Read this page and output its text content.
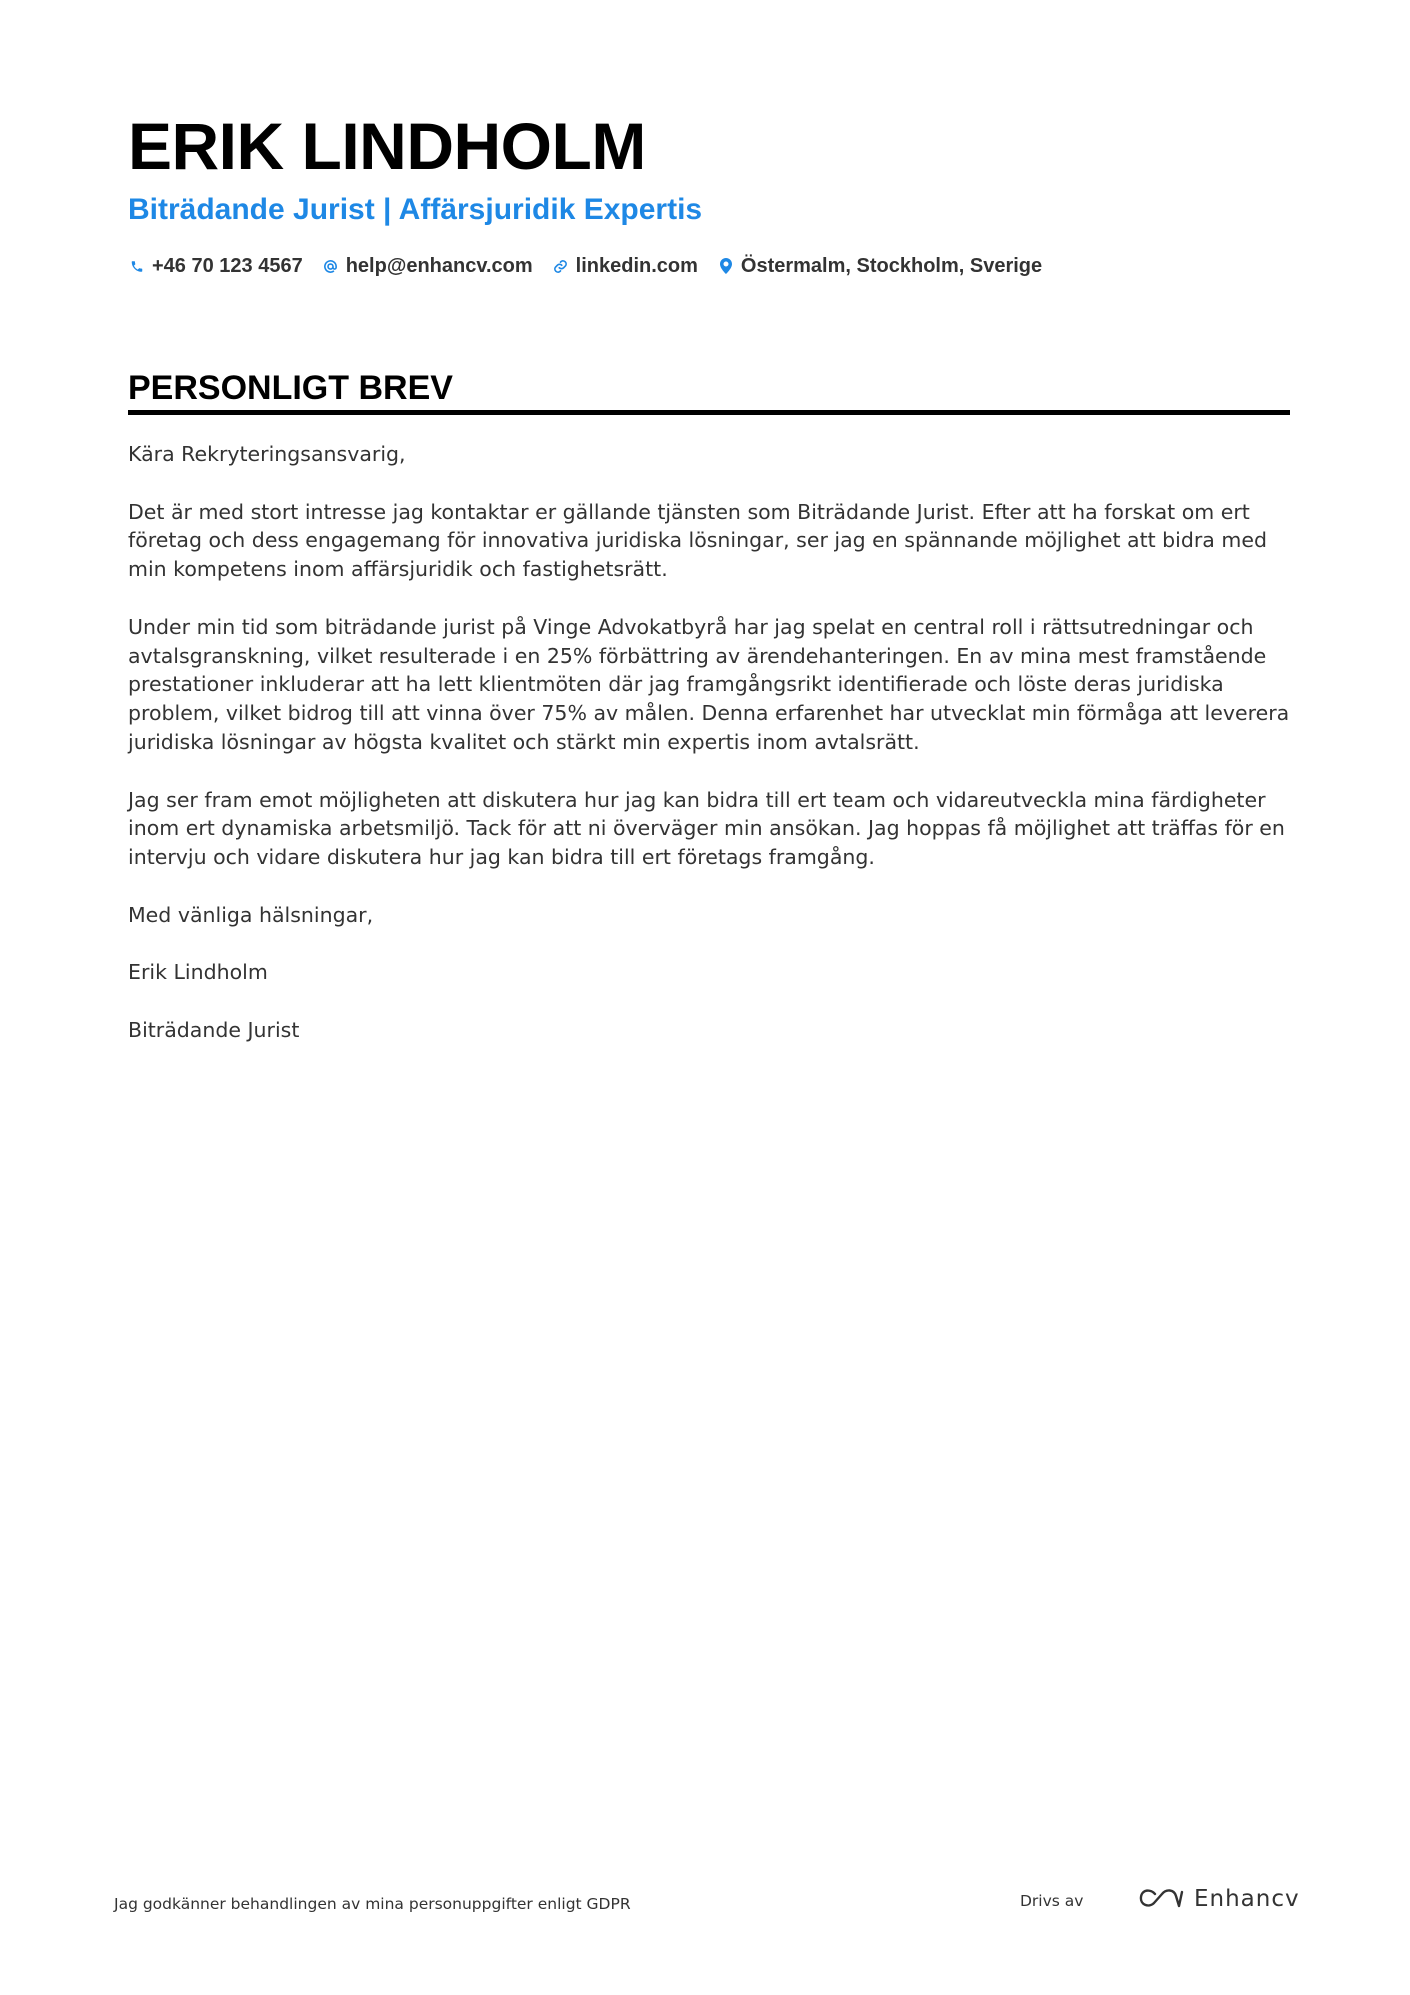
ERIK LINDHOLM
Biträdande Jurist | Affärsjuridik Expertis
+46 70 123 4567 help@enhancv.com linkedin.com Östermalm, Stockholm, Sverige
PERSONLIGT BREV

Kära Rekryteringsansvarig,

Det är med stort intresse jag kontaktar er gällande tjänsten som Biträdande Jurist. Efter att ha forskat om ert företag och dess engagemang för innovativa juridiska lösningar, ser jag en spännande möjlighet att bidra med min kompetens inom affärsjuridik och fastighetsrätt.

Under min tid som biträdande jurist på Vinge Advokatbyrå har jag spelat en central roll i rättsutredningar och avtalsgranskning, vilket resulterade i en 25% förbättring av ärendehanteringen. En av mina mest framstående prestationer inkluderar att ha lett klientmöten där jag framgångsrikt identifierade och löste deras juridiska problem, vilket bidrog till att vinna över 75% av målen. Denna erfarenhet har utvecklat min förmåga att leverera juridiska lösningar av högsta kvalitet och stärkt min expertis inom avtalsrätt.

Jag ser fram emot möjligheten att diskutera hur jag kan bidra till ert team och vidareutveckla mina färdigheter inom ert dynamiska arbetsmiljö. Tack för att ni överväger min ansökan. Jag hoppas få möjlighet att träffas för en intervju och vidare diskutera hur jag kan bidra till ert företags framgång.

Med vänliga hälsningar,

Erik Lindholm

Biträdande Jurist

Jag godkänner behandlingen av mina personuppgifter enligt GDPR	Drivs av	Enhancv
